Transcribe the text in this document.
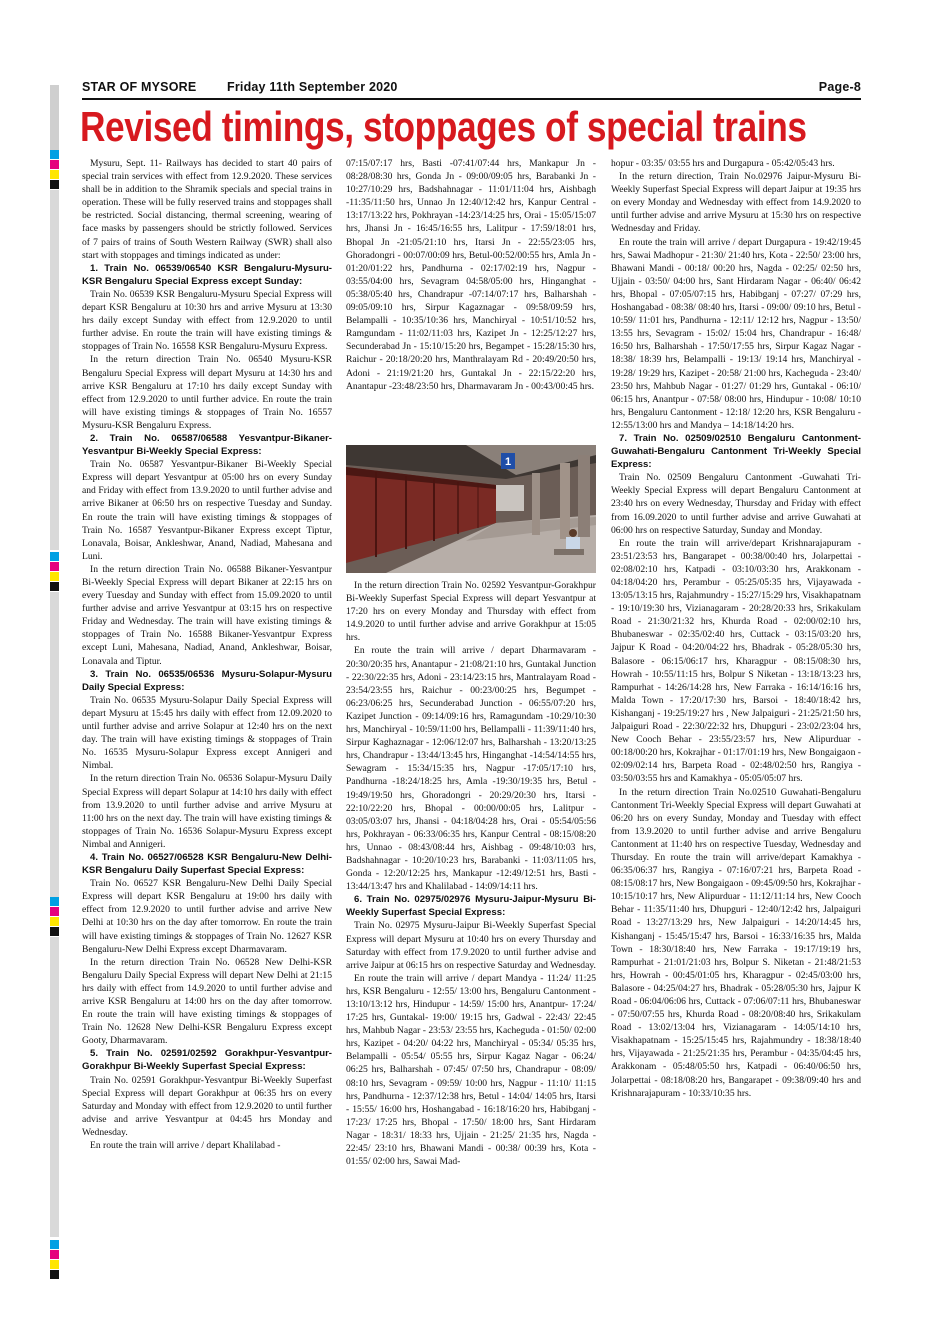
STAR OF MYSORE Friday 11th September 2020	Page-8
Revised timings, stoppages of special trains

Mysuru, Sept. 11- Railways has decided to start 40 pairs of special train services with effect from 12.9.2020. These services shall be in addition to the Shramik specials and special trains in operation. These will be fully reserved trains and stoppages shall be restricted. Social distancing, thermal screening, wearing of face masks by passengers should be strictly followed. Services of 7 pairs of trains of South Western Railway (SWR) shall also start with stoppages and timings indicated as under:

1. Train No. 06539/06540 KSR Bengaluru-Mysuru-KSR Bengaluru Special Express except Sunday:

Train No. 06539 KSR Bengaluru-Mysuru Special Express will depart KSR Bengaluru at 10:30 hrs and arrive Mysuru at 13:30 hrs daily except Sunday with effect from 12.9.2020 to until further advise. En route the train will have existing timings & stoppages of Train No. 16558 KSR Bengaluru-Mysuru Express.

In the return direction Train No. 06540 Mysuru-KSR Bengaluru Special Express will depart Mysuru at 14:30 hrs and arrive KSR Bengaluru at 17:10 hrs daily except Sunday with effect from 12.9.2020 to until further advice. En route the train will have existing timings & stoppages of Train No. 16557 Mysuru-KSR Bengaluru Express.

2. Train No. 06587/06588 Yesvantpur-Bikaner-Yesvantpur Bi-Weekly Special Express:

Train No. 06587 Yesvantpur-Bikaner Bi-Weekly Special Express will depart Yesvantpur at 05:00 hrs on every Sunday and Friday with effect from 13.9.2020 to until further advise and arrive Bikaner at 06:50 hrs on respective Tuesday and Sunday. En route the train will have existing timings & stoppages of Train No. 16587 Yesvantpur-Bikaner Express except Tiptur, Lonavala, Boisar, Ankleshwar, Anand, Nadiad, Mahesana and Luni.

In the return direction Train No. 06588 Bikaner-Yesvantpur Bi-Weekly Special Express will depart Bikaner at 22:15 hrs on every Tuesday and Sunday with effect from 15.09.2020 to until further advise and arrive Yesvantpur at 03:15 hrs on respective Friday and Wednesday. The train will have existing timings & stoppages of Train No. 16588 Bikaner-Yesvantpur Express except Luni, Mahesana, Nadiad, Anand, Ankleshwar, Boisar, Lonavala and Tiptur.

3. Train No. 06535/06536 Mysuru-Solapur-Mysuru Daily Special Express:

Train No. 06535 Mysuru-Solapur Daily Special Express will depart Mysuru at 15:45 hrs daily with effect from 12.09.2020 to until further advise and arrive Solapur at 12:40 hrs on the next day. The train will have existing timings & stoppages of Train No. 16535 Mysuru-Solapur Express except Annigeri and Nimbal.

In the return direction Train No. 06536 Solapur-Mysuru Daily Special Express will depart Solapur at 14:10 hrs daily with effect from 13.9.2020 to until further advise and arrive Mysuru at 11:00 hrs on the next day. The train will have existing timings & stoppages of Train No. 16536 Solapur-Mysuru Express except Nimbal and Annigeri.

4. Train No. 06527/06528 KSR Bengaluru-New Delhi-KSR Bengaluru Daily Superfast Special Express:

Train No. 06527 KSR Bengaluru-New Delhi Daily Special Express will depart KSR Bengaluru at 19:00 hrs daily with effect from 12.9.2020 to until further advise and arrive New Delhi at 10:30 hrs on the day after tomorrow. En route the train will have existing timings & stoppages of Train No. 12627 KSR Bengaluru-New Delhi Express except Dharmavaram.

In the return direction Train No. 06528 New Delhi-KSR Bengaluru Daily Special Express will depart New Delhi at 21:15 hrs daily with effect from 14.9.2020 to until further advise and arrive KSR Bengaluru at 14:00 hrs on the day after tomorrow. En route the train will have existing timings & stoppages of Train No. 12628 New Delhi-KSR Bengaluru Express except Gooty, Dharmavaram.

5. Train No. 02591/02592 Gorakhpur-Yesvantpur-Gorakhpur Bi-Weekly Superfast Special Express:

Train No. 02591 Gorakhpur-Yesvantpur Bi-Weekly Superfast Special Express will depart Gorakhpur at 06:35 hrs on every Saturday and Monday with effect from 12.9.2020 to until further advise and arrive Yesvantpur at 04:45 hrs Monday and Wednesday.

En route the train will arrive / depart Khalilabad -

07:15/07:17 hrs, Basti -07:41/07:44 hrs, Mankapur Jn - 08:28/08:30 hrs, Gonda Jn - 09:00/09:05 hrs, Barabanki Jn - 10:27/10:29 hrs, Badshahnagar - 11:01/11:04 hrs, Aishbagh -11:35/11:50 hrs, Unnao Jn 12:40/12:42 hrs, Kanpur Central - 13:17/13:22 hrs, Pokhrayan -14:23/14:25 hrs, Orai - 15:05/15:07 hrs, Jhansi Jn - 16:45/16:55 hrs, Lalitpur - 17:59/18:01 hrs, Bhopal Jn -21:05/21:10 hrs, Itarsi Jn - 22:55/23:05 hrs, Ghoradongri - 00:07/00:09 hrs, Betul-00:52/00:55 hrs, Amla Jn - 01:20/01:22 hrs, Pandhurna - 02:17/02:19 hrs, Nagpur - 03:55/04:00 hrs, Sevagram 04:58/05:00 hrs, Hinganghat - 05:38/05:40 hrs, Chandrapur -07:14/07:17 hrs, Balharshah - 09:05/09:10 hrs, Sirpur Kagaznagar - 09:58/09:59 hrs, Belampalli - 10:35/10:36 hrs, Manchiryal - 10:51/10:52 hrs, Ramgundam - 11:02/11:03 hrs, Kazipet Jn - 12:25/12:27 hrs, Secunderabad Jn - 15:10/15:20 hrs, Begampet - 15:28/15:30 hrs, Raichur - 20:18/20:20 hrs, Manthralayam Rd - 20:49/20:50 hrs, Adoni - 21:19/21:20 hrs, Guntakal Jn - 22:15/22:20 hrs, Anantapur -23:48/23:50 hrs, Dharmavaram Jn - 00:43/00:45 hrs.

1

In the return direction Train No. 02592 Yesvantpur-Gorakhpur Bi-Weekly Superfast Special Express will depart Yesvantpur at 17:20 hrs on every Monday and Thursday with effect from 14.9.2020 to until further advise and arrive Gorakhpur at 15:05 hrs.

En route the train will arrive / depart Dharmavaram - 20:30/20:35 hrs, Anantapur - 21:08/21:10 hrs, Guntakal Junction - 22:30/22:35 hrs, Adoni - 23:14/23:15 hrs, Mantralayam Road - 23:54/23:55 hrs, Raichur - 00:23/00:25 hrs, Begumpet - 06:23/06:25 hrs, Secunderabad Junction - 06:55/07:20 hrs, Kazipet Junction - 09:14/09:16 hrs, Ramagundam -10:29/10:30 hrs, Manchiryal - 10:59/11:00 hrs, Bellampalli - 11:39/11:40 hrs, Sirpur Kaghaznagar - 12:06/12:07 hrs, Balharshah - 13:20/13:25 hrs, Chandrapur - 13:44/13:45 hrs, Hinganghat -14:54/14:55 hrs, Sewagram - 15:34/15:35 hrs, Nagpur -17:05/17:10 hrs, Pandhurna -18:24/18:25 hrs, Amla -19:30/19:35 hrs, Betul - 19:49/19:50 hrs, Ghoradongri - 20:29/20:30 hrs, Itarsi - 22:10/22:20 hrs, Bhopal - 00:00/00:05 hrs, Lalitpur - 03:05/03:07 hrs, Jhansi - 04:18/04:28 hrs, Orai - 05:54/05:56 hrs, Pokhrayan - 06:33/06:35 hrs, Kanpur Central - 08:15/08:20 hrs, Unnao - 08:43/08:44 hrs, Aishbag - 09:48/10:03 hrs, Badshahnagar - 10:20/10:23 hrs, Barabanki - 11:03/11:05 hrs, Gonda - 12:20/12:25 hrs, Mankapur -12:49/12:51 hrs, Basti - 13:44/13:47 hrs and Khalilabad - 14:09/14:11 hrs.

6. Train No. 02975/02976 Mysuru-Jaipur-Mysuru Bi-Weekly Superfast Special Express:

Train No. 02975 Mysuru-Jaipur Bi-Weekly Superfast Special Express will depart Mysuru at 10:40 hrs on every Thursday and Saturday with effect from 17.9.2020 to until further advise and arrive Jaipur at 06:15 hrs on respective Saturday and Wednesday.

En route the train will arrive / depart Mandya - 11:24/ 11:25 hrs, KSR Bengaluru - 12:55/ 13:00 hrs, Bengaluru Cantonment - 13:10/13:12 hrs, Hindupur - 14:59/ 15:00 hrs, Anantpur- 17:24/ 17:25 hrs, Guntakal- 19:00/ 19:15 hrs, Gadwal - 22:43/ 22:45 hrs, Mahbub Nagar - 23:53/ 23:55 hrs, Kacheguda - 01:50/ 02:00 hrs, Kazipet - 04:20/ 04:22 hrs, Manchiryal - 05:34/ 05:35 hrs, Belampalli - 05:54/ 05:55 hrs, Sirpur Kagaz Nagar - 06:24/ 06:25 hrs, Balharshah - 07:45/ 07:50 hrs, Chandrapur - 08:09/ 08:10 hrs, Sevagram - 09:59/ 10:00 hrs, Nagpur - 11:10/ 11:15 hrs, Pandhurna - 12:37/12:38 hrs, Betul - 14:04/ 14:05 hrs, Itarsi - 15:55/ 16:00 hrs, Hoshangabad - 16:18/16:20 hrs, Habibganj - 17:23/ 17:25 hrs, Bhopal - 17:50/ 18:00 hrs, Sant Hirdaram Nagar - 18:31/ 18:33 hrs, Ujjain - 21:25/ 21:35 hrs, Nagda - 22:45/ 23:10 hrs, Bhawani Mandi - 00:38/ 00:39 hrs, Kota - 01:55/ 02:00 hrs, Sawai Mad-

hopur - 03:35/ 03:55 hrs and Durgapura - 05:42/05:43 hrs.

In the return direction, Train No.02976 Jaipur-Mysuru Bi-Weekly Superfast Special Express will depart Jaipur at 19:35 hrs on every Monday and Wednesday with effect from 14.9.2020 to until further advise and arrive Mysuru at 15:30 hrs on respective Wednesday and Friday.

En route the train will arrive / depart Durgapura - 19:42/19:45 hrs, Sawai Madhopur - 21:30/ 21:40 hrs, Kota - 22:50/ 23:00 hrs, Bhawani Mandi - 00:18/ 00:20 hrs, Nagda - 02:25/ 02:50 hrs, Ujjain - 03:50/ 04:00 hrs, Sant Hirdaram Nagar - 06:40/ 06:42 hrs, Bhopal - 07:05/07:15 hrs, Habibganj - 07:27/ 07:29 hrs, Hoshangabad - 08:38/ 08:40 hrs, Itarsi - 09:00/ 09:10 hrs, Betul - 10:59/ 11:01 hrs, Pandhurna - 12:11/ 12:12 hrs, Nagpur - 13:50/ 13:55 hrs, Sevagram - 15:02/ 15:04 hrs, Chandrapur - 16:48/ 16:50 hrs, Balharshah - 17:50/17:55 hrs, Sirpur Kagaz Nagar - 18:38/ 18:39 hrs, Belampalli - 19:13/ 19:14 hrs, Manchiryal - 19:28/ 19:29 hrs, Kazipet - 20:58/ 21:00 hrs, Kacheguda - 23:40/ 23:50 hrs, Mahbub Nagar - 01:27/ 01:29 hrs, Guntakal - 06:10/ 06:15 hrs, Anantpur - 07:58/ 08:00 hrs, Hindupur - 10:08/ 10:10 hrs, Bengaluru Cantonment - 12:18/ 12:20 hrs, KSR Bengaluru - 12:55/13:00 hrs and Mandya – 14:18/14:20 hrs.

7. Train No. 02509/02510 Bengaluru Cantonment-Guwahati-Bengaluru Cantonment Tri-Weekly Special Express:

Train No. 02509 Bengaluru Cantonment -Guwahati Tri-Weekly Special Express will depart Bengaluru Cantonment at 23:40 hrs on every Wednesday, Thursday and Friday with effect from 16.09.2020 to until further advise and arrive Guwahati at 06:00 hrs on respective Saturday, Sunday and Monday.

En route the train will arrive/depart Krishnarajapuram - 23:51/23:53 hrs, Bangarapet - 00:38/00:40 hrs, Jolarpettai - 02:08/02:10 hrs, Katpadi - 03:10/03:30 hrs, Arakkonam - 04:18/04:20 hrs, Perambur - 05:25/05:35 hrs, Vijayawada - 13:05/13:15 hrs, Rajahmundry - 15:27/15:29 hrs, Visakhapatnam - 19:10/19:30 hrs, Vizianagaram - 20:28/20:33 hrs, Srikakulam Road - 21:30/21:32 hrs, Khurda Road - 02:00/02:10 hrs, Bhubaneswar - 02:35/02:40 hrs, Cuttack - 03:15/03:20 hrs, Jajpur K Road - 04:20/04:22 hrs, Bhadrak - 05:28/05:30 hrs, Balasore - 06:15/06:17 hrs, Kharagpur - 08:15/08:30 hrs, Howrah - 10:55/11:15 hrs, Bolpur S Niketan - 13:18/13:23 hrs, Rampurhat - 14:26/14:28 hrs, New Farraka - 16:14/16:16 hrs, Malda Town - 17:20/17:30 hrs, Barsoi - 18:40/18:42 hrs, Kishanganj - 19:25/19:27 hrs , New Jalpaiguri - 21:25/21:50 hrs, Jalpaiguri Road - 22:30/22:32 hrs, Dhupguri - 23:02/23:04 hrs, New Cooch Behar - 23:55/23:57 hrs, New Alipurduar - 00:18/00:20 hrs, Kokrajhar - 01:17/01:19 hrs, New Bongaigaon - 02:09/02:14 hrs, Barpeta Road - 02:48/02:50 hrs, Rangiya - 03:50/03:55 hrs and Kamakhya - 05:05/05:07 hrs.

In the return direction Train No.02510 Guwahati-Bengaluru Cantonment Tri-Weekly Special Express will depart Guwahati at 06:20 hrs on every Sunday, Monday and Tuesday with effect from 13.9.2020 to until further advise and arrive Bengaluru Cantonment at 11:40 hrs on respective Tuesday, Wednesday and Thursday. En route the train will arrive/depart Kamakhya - 06:35/06:37 hrs, Rangiya - 07:16/07:21 hrs, Barpeta Road - 08:15/08:17 hrs, New Bongaigaon - 09:45/09:50 hrs, Kokrajhar - 10:15/10:17 hrs, New Alipurduar - 11:12/11:14 hrs, New Cooch Behar - 11:35/11:40 hrs, Dhupguri - 12:40/12:42 hrs, Jalpaiguri Road - 13:27/13:29 hrs, New Jalpaiguri - 14:20/14:45 hrs, Kishanganj - 15:45/15:47 hrs, Barsoi - 16:33/16:35 hrs, Malda Town - 18:30/18:40 hrs, New Farraka - 19:17/19:19 hrs, Rampurhat - 21:01/21:03 hrs, Bolpur S. Niketan - 21:48/21:53 hrs, Howrah - 00:45/01:05 hrs, Kharagpur - 02:45/03:00 hrs, Balasore - 04:25/04:27 hrs, Bhadrak - 05:28/05:30 hrs, Jajpur K Road - 06:04/06:06 hrs, Cuttack - 07:06/07:11 hrs, Bhubaneswar - 07:50/07:55 hrs, Khurda Road - 08:20/08:40 hrs, Srikakulam Road - 13:02/13:04 hrs, Vizianagaram - 14:05/14:10 hrs, Visakhapatnam - 15:25/15:45 hrs, Rajahmundry - 18:38/18:40 hrs, Vijayawada - 21:25/21:35 hrs, Perambur - 04:35/04:45 hrs, Arakkonam - 05:48/05:50 hrs, Katpadi - 06:40/06:50 hrs, Jolarpettai - 08:18/08:20 hrs, Bangarapet - 09:38/09:40 hrs and Krishnarajapuram - 10:33/10:35 hrs.
